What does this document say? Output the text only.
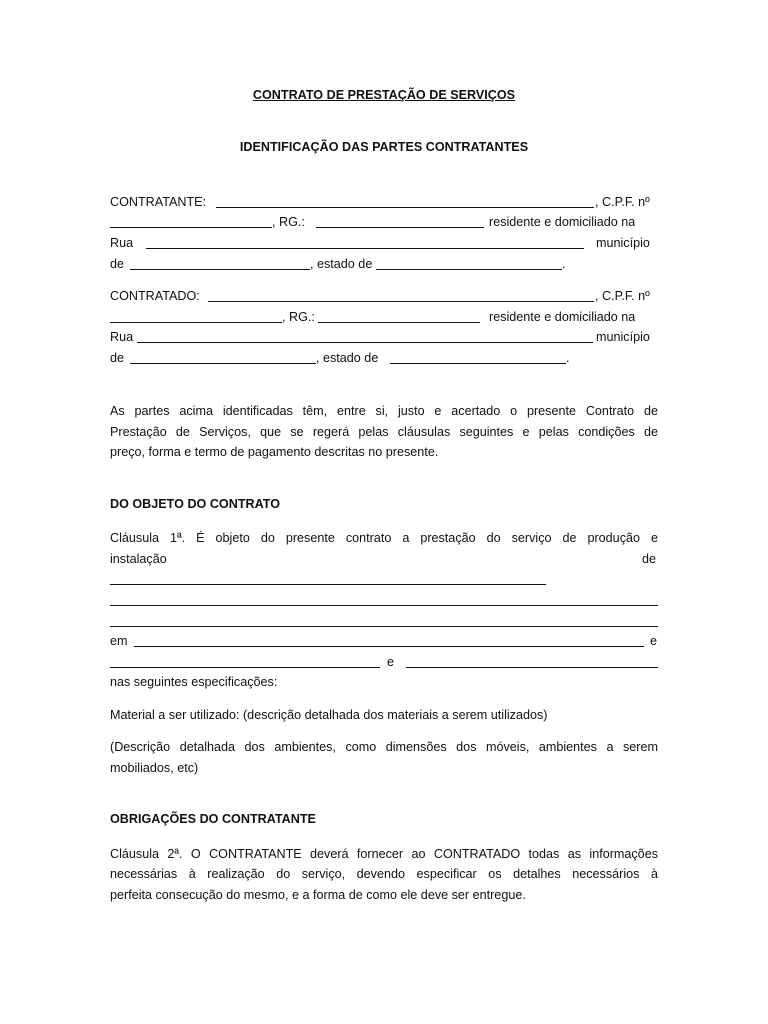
CONTRATO DE PRESTAÇÃO DE SERVIÇOS
IDENTIFICAÇÃO DAS PARTES CONTRATANTES
CONTRATANTE:	, C.P.F. nº
, RG.:	residente e domiciliado na
Rua	município
de	, estado de	.
CONTRATADO:	, C.P.F. nº
, RG.:	residente e domiciliado na
Rua	município
de	, estado de	.
As partes acima identificadas têm, entre si, justo e acertado o presente Contrato de
Prestação de Serviços, que se regerá pelas cláusulas seguintes e pelas condições de
preço, forma e termo de pagamento descritas no presente.
DO OBJETO DO CONTRATO
Cláusula 1ª. É objeto do presente contrato a prestação do serviço de produção e
instalação	de
em	e
e
nas seguintes especificações:
Material a ser utilizado: (descrição detalhada dos materiais a serem utilizados)
(Descrição detalhada dos ambientes, como dimensões dos móveis, ambientes a serem
mobiliados, etc)
OBRIGAÇÕES DO CONTRATANTE
Cláusula 2ª. O CONTRATANTE deverá fornecer ao CONTRATADO todas as informações
necessárias à realização do serviço, devendo especificar os detalhes necessários à
perfeita consecução do mesmo, e a forma de como ele deve ser entregue.
